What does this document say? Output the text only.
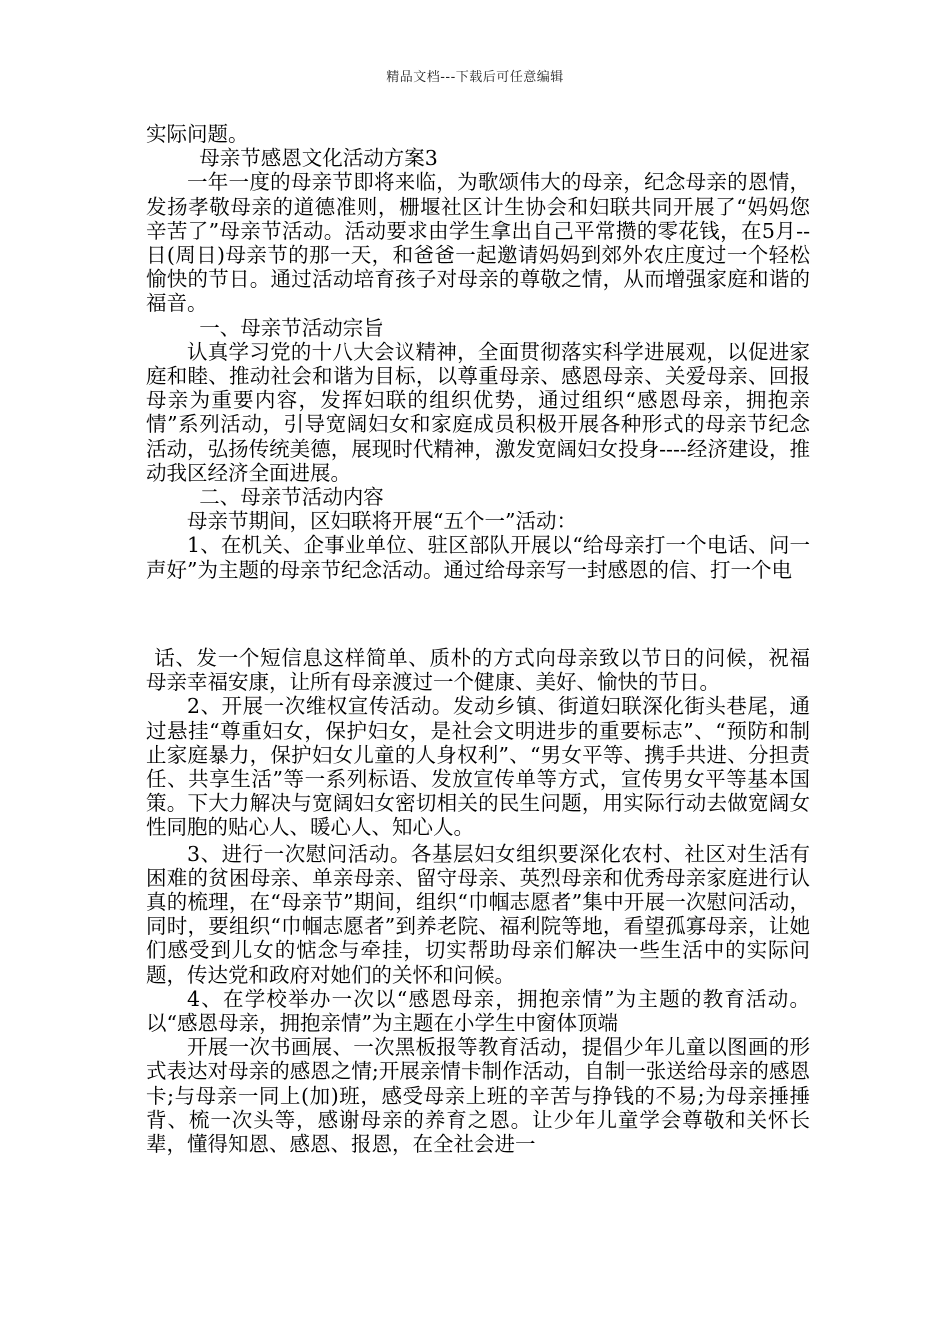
精品文档---下载后可任意编辑

实际问题。

母亲节感恩文化活动方案3

一年一度的母亲节即将来临，为歌颂伟大的母亲，纪念母亲的恩情，发扬孝敬母亲的道德准则，栅堰社区计生协会和妇联共同开展了“妈妈您辛苦了”母亲节活动。活动要求由学生拿出自己平常攒的零花钱，在5月--日(周日)母亲节的那一天，和爸爸一起邀请妈妈到郊外农庄度过一个轻松愉快的节日。通过活动培育孩子对母亲的尊敬之情，从而增强家庭和谐的福音。

一、母亲节活动宗旨

认真学习党的十八大会议精神，全面贯彻落实科学进展观，以促进家庭和睦、推动社会和谐为目标，以尊重母亲、感恩母亲、关爱母亲、回报母亲为重要内容，发挥妇联的组织优势，通过组织“感恩母亲，拥抱亲情”系列活动，引导宽阔妇女和家庭成员积极开展各种形式的母亲节纪念活动，弘扬传统美德，展现时代精神，激发宽阔妇女投身----经济建设，推动我区经济全面进展。

二、母亲节活动内容

母亲节期间，区妇联将开展“五个一”活动：

1、在机关、企事业单位、驻区部队开展以“给母亲打一个电话、问一声好”为主题的母亲节纪念活动。通过给母亲写一封感恩的信、打一个电

话、发一个短信息这样简单、质朴的方式向母亲致以节日的问候，祝福母亲幸福安康，让所有母亲渡过一个健康、美好、愉快的节日。

2、开展一次维权宣传活动。发动乡镇、街道妇联深化街头巷尾，通过悬挂“尊重妇女，保护妇女，是社会文明进步的重要标志”、“预防和制止家庭暴力，保护妇女儿童的人身权利”、“男女平等、携手共进、分担责任、共享生活”等一系列标语、发放宣传单等方式，宣传男女平等基本国策。下大力解决与宽阔妇女密切相关的民生问题，用实际行动去做宽阔女性同胞的贴心人、暖心人、知心人。

3、进行一次慰问活动。各基层妇女组织要深化农村、社区对生活有困难的贫困母亲、单亲母亲、留守母亲、英烈母亲和优秀母亲家庭进行认真的梳理，在“母亲节”期间，组织“巾帼志愿者”集中开展一次慰问活动，同时，要组织“巾帼志愿者”到养老院、福利院等地，看望孤寡母亲，让她们感受到儿女的惦念与牵挂，切实帮助母亲们解决一些生活中的实际问题，传达党和政府对她们的关怀和问候。

4、在学校举办一次以“感恩母亲，拥抱亲情”为主题的教育活动。以“感恩母亲，拥抱亲情”为主题在小学生中窗体顶端

开展一次书画展、一次黑板报等教育活动，提倡少年儿童以图画的形式表达对母亲的感恩之情;开展亲情卡制作活动，自制一张送给母亲的感恩卡;与母亲一同上(加)班，感受母亲上班的辛苦与挣钱的不易;为母亲捶捶背、梳一次头等，感谢母亲的养育之恩。让少年儿童学会尊敬和关怀长辈，懂得知恩、感恩、报恩，在全社会进一
